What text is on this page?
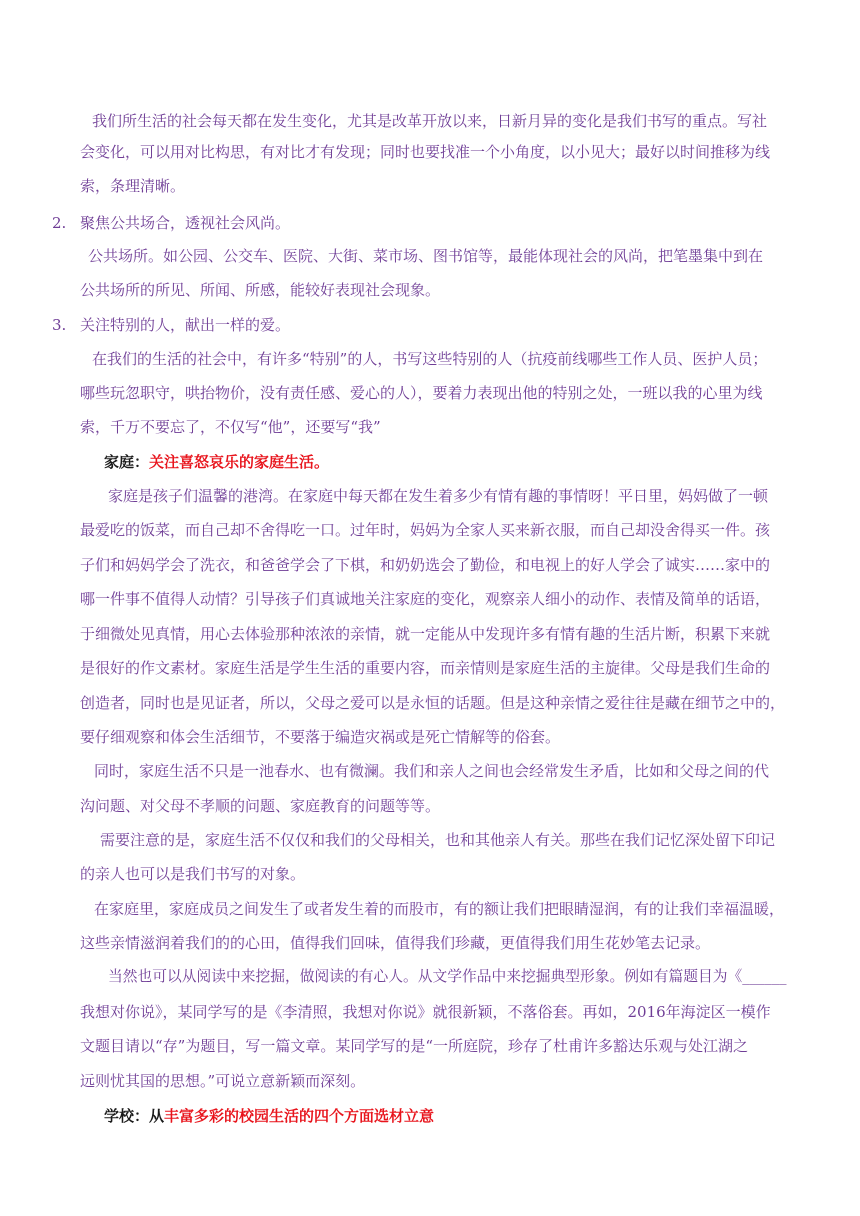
我们所生活的社会每天都在发生变化，尤其是改革开放以来，日新月异的变化是我们书写的重点。写社
会变化，可以用对比构思，有对比才有发现；同时也要找准一个小角度，以小见大；最好以时间推移为线
索，条理清晰。
2. 聚焦公共场合，透视社会风尚。
公共场所。如公园、公交车、医院、大街、菜市场、图书馆等，最能体现社会的风尚，把笔墨集中到在
公共场所的所见、所闻、所感，能较好表现社会现象。
3. 关注特别的人，献出一样的爱。
在我们的生活的社会中，有许多“特别”的人，书写这些特别的人（抗疫前线哪些工作人员、医护人员；
哪些玩忽职守，哄抬物价，没有责任感、爱心的人），要着力表现出他的特别之处，一班以我的心里为线
索，千万不要忘了，不仅写“他”，还要写“我”
家庭：关注喜怒哀乐的家庭生活。
家庭是孩子们温馨的港湾。在家庭中每天都在发生着多少有情有趣的事情呀！平日里，妈妈做了一顿
最爱吃的饭菜，而自己却不舍得吃一口。过年时，妈妈为全家人买来新衣服，而自己却没舍得买一件。孩
子们和妈妈学会了洗衣，和爸爸学会了下棋，和奶奶选会了勤俭，和电视上的好人学会了诚实……家中的
哪一件事不值得人动情？引导孩子们真诚地关注家庭的变化，观察亲人细小的动作、表情及简单的话语，
于细微处见真情，用心去体验那种浓浓的亲情，就一定能从中发现许多有情有趣的生活片断，积累下来就
是很好的作文素材。家庭生活是学生生活的重要内容，而亲情则是家庭生活的主旋律。父母是我们生命的
创造者，同时也是见证者，所以，父母之爱可以是永恒的话题。但是这种亲情之爱往往是藏在细节之中的，
要仔细观察和体会生活细节，不要落于编造灾祸或是死亡情解等的俗套。
同时，家庭生活不只是一池春水、也有微澜。我们和亲人之间也会经常发生矛盾，比如和父母之间的代
沟问题、对父母不孝顺的问题、家庭教育的问题等等。
需要注意的是，家庭生活不仅仅和我们的父母相关，也和其他亲人有关。那些在我们记忆深处留下印记
的亲人也可以是我们书写的对象。
在家庭里，家庭成员之间发生了或者发生着的而股市，有的额让我们把眼睛湿润，有的让我们幸福温暖，
这些亲情滋润着我们的的心田，值得我们回味，值得我们珍藏，更值得我们用生花妙笔去记录。
当然也可以从阅读中来挖掘，做阅读的有心人。从文学作品中来挖掘典型形象。例如有篇题目为《______
我想对你说》，某同学写的是《李清照，我想对你说》就很新颖，不落俗套。再如，2016年海淀区一模作
文题目请以“存”为题目，写一篇文章。某同学写的是“一所庭院，珍存了杜甫许多豁达乐观与处江湖之
远则忧其国的思想。”可说立意新颖而深刻。
学校：从丰富多彩的校园生活的四个方面选材立意
